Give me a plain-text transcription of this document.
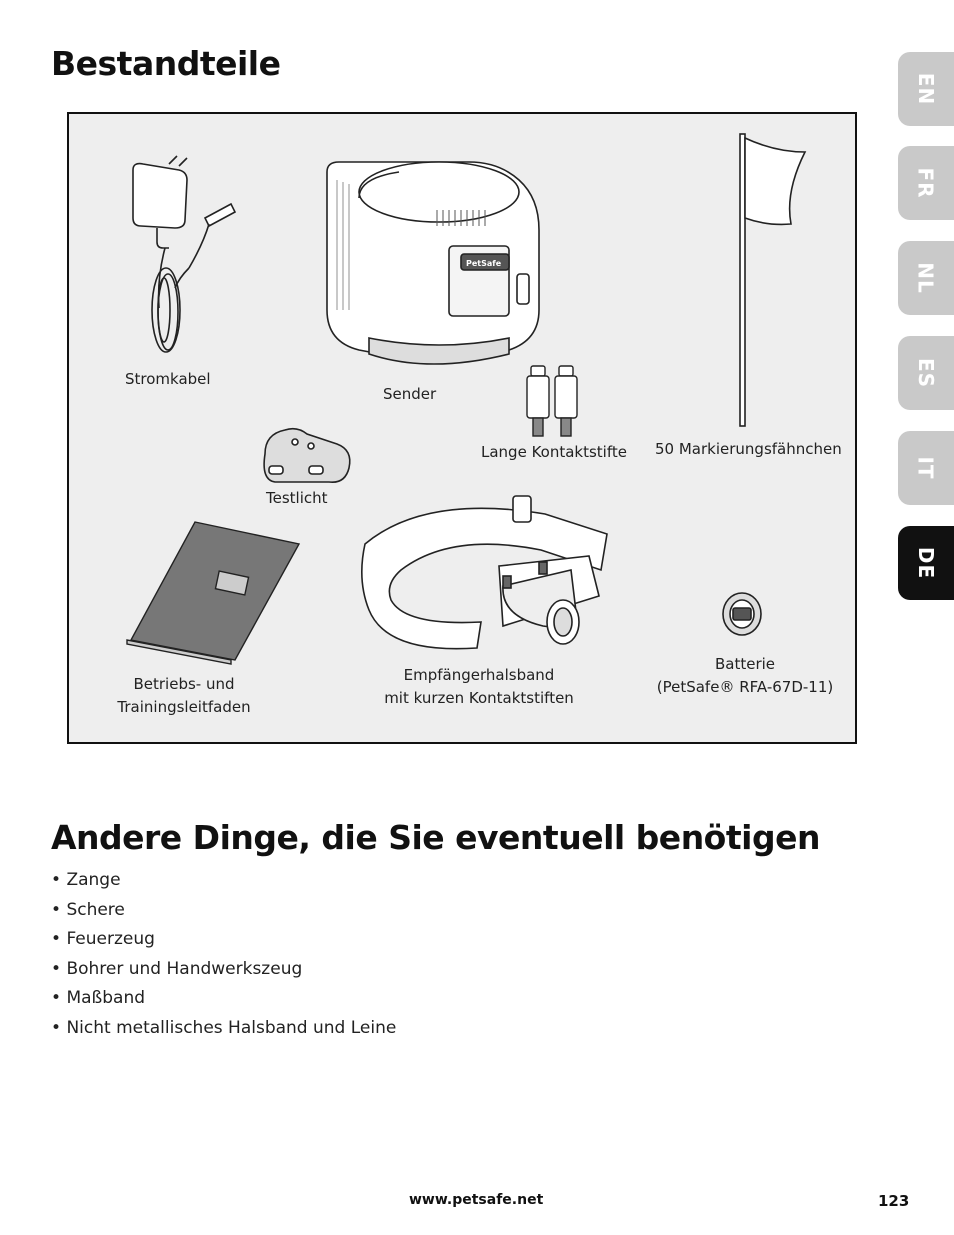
Bestandteile
EN
FR
NL
ES
IT
DE
PetSafe
Stromkabel
Sender
Lange Kontaktstifte 50 Markierungsfähnchen
Testlicht
Betriebs- und
Trainingsleitfaden
Empfängerhalsband
mit kurzen Kontaktstiften
Batterie
(PetSafe® RFA-67D-11)
Andere Dinge, die Sie eventuell benötigen
• Zange
• Schere
• Feuerzeug
• Bohrer und Handwerkszeug
• Maßband
• Nicht metallisches Halsband und Leine
www.petsafe.net	123
